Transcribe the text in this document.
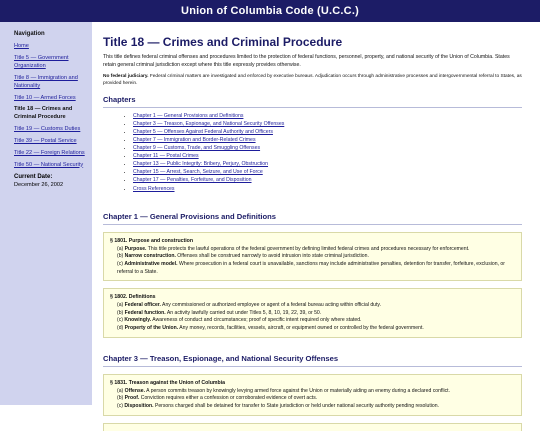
Union of Columbia Code (U.C.C.)
Navigation
Home
Title 5 — Government Organization
Title 8 — Immigration and Nationality
Title 10 — Armed Forces
Title 18 — Crimes and Criminal Procedure
Title 19 — Customs Duties
Title 39 — Postal Service
Title 22 — Foreign Relations
Title 50 — National Security
Current Date:
December 26, 2002
Title 18 — Crimes and Criminal Procedure

This title defines federal criminal offenses and procedures limited to the protection of federal functions, personnel, property, and national security of the Union of Columbia. States retain general criminal jurisdiction except where this title expressly provides otherwise.

No federal judiciary. Federal criminal matters are investigated and enforced by executive bureaus. Adjudication occurs through administrative processes and intergovernmental referral to States, as provided herein.

Chapters
• Chapter 1 — General Provisions and Definitions
• Chapter 3 — Treason, Espionage, and National Security Offenses
• Chapter 5 — Offenses Against Federal Authority and Officers
• Chapter 7 — Immigration and Border-Related Crimes
• Chapter 9 — Customs, Trade, and Smuggling Offenses
• Chapter 11 — Postal Crimes
• Chapter 13 — Public Integrity: Bribery, Perjury, Obstruction
• Chapter 15 — Arrest, Search, Seizure, and Use of Force
• Chapter 17 — Penalties, Forfeiture, and Disposition
• Cross References
Chapter 1 — General Provisions and Definitions
§ 1801. Purpose and construction
(a) Purpose. This title protects the lawful operations of the federal government by defining limited federal crimes and procedures necessary for enforcement.
(b) Narrow construction. Offenses shall be construed narrowly to avoid intrusion into state criminal jurisdiction.
(c) Administrative model. Where prosecution in a federal court is unavailable, sanctions may include administrative penalties, detention for transfer, forfeiture, exclusion, or referral to a State.
§ 1802. Definitions
(a) Federal officer. Any commissioned or authorized employee or agent of a federal bureau acting within official duty.
(b) Federal function. An activity lawfully carried out under Titles 5, 8, 10, 19, 22, 39, or 50.
(c) Knowingly. Awareness of conduct and circumstances; proof of specific intent required only where stated.
(d) Property of the Union. Any money, records, facilities, vessels, aircraft, or equipment owned or controlled by the federal government.
Chapter 3 — Treason, Espionage, and National Security Offenses
§ 1831. Treason against the Union of Columbia
(a) Offense. A person commits treason by knowingly levying armed force against the Union or materially aiding an enemy during a declared conflict.
(b) Proof. Conviction requires either a confession or corroborated evidence of overt acts.
(c) Disposition. Persons charged shall be detained for transfer to State jurisdiction or held under national security authority pending resolution.
